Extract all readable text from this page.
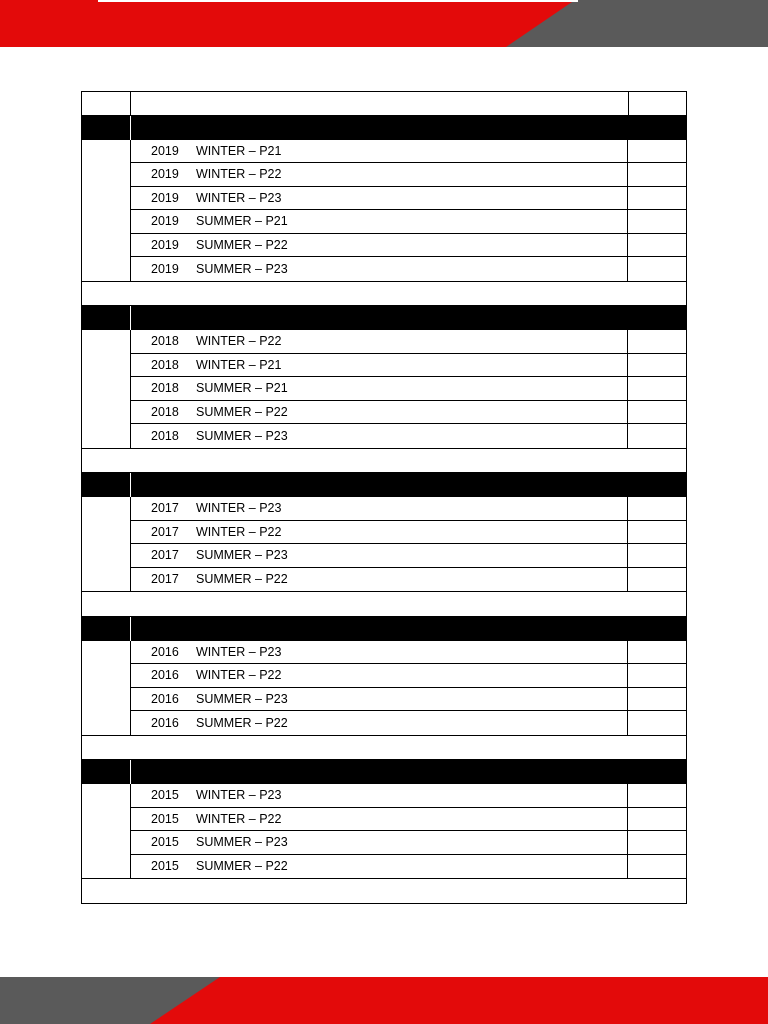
2019	WINTER – P21
2019	WINTER – P22
2019	WINTER – P23
2019	SUMMER – P21
2019	SUMMER – P22
2019	SUMMER – P23
2018	WINTER – P22
2018	WINTER – P21
2018	SUMMER – P21
2018	SUMMER – P22
2018	SUMMER – P23
2017	WINTER – P23
2017	WINTER – P22
2017	SUMMER – P23
2017	SUMMER – P22
2016	WINTER – P23
2016	WINTER – P22
2016	SUMMER – P23
2016	SUMMER – P22
2015	WINTER – P23
2015	WINTER – P22
2015	SUMMER – P23
2015	SUMMER – P22
